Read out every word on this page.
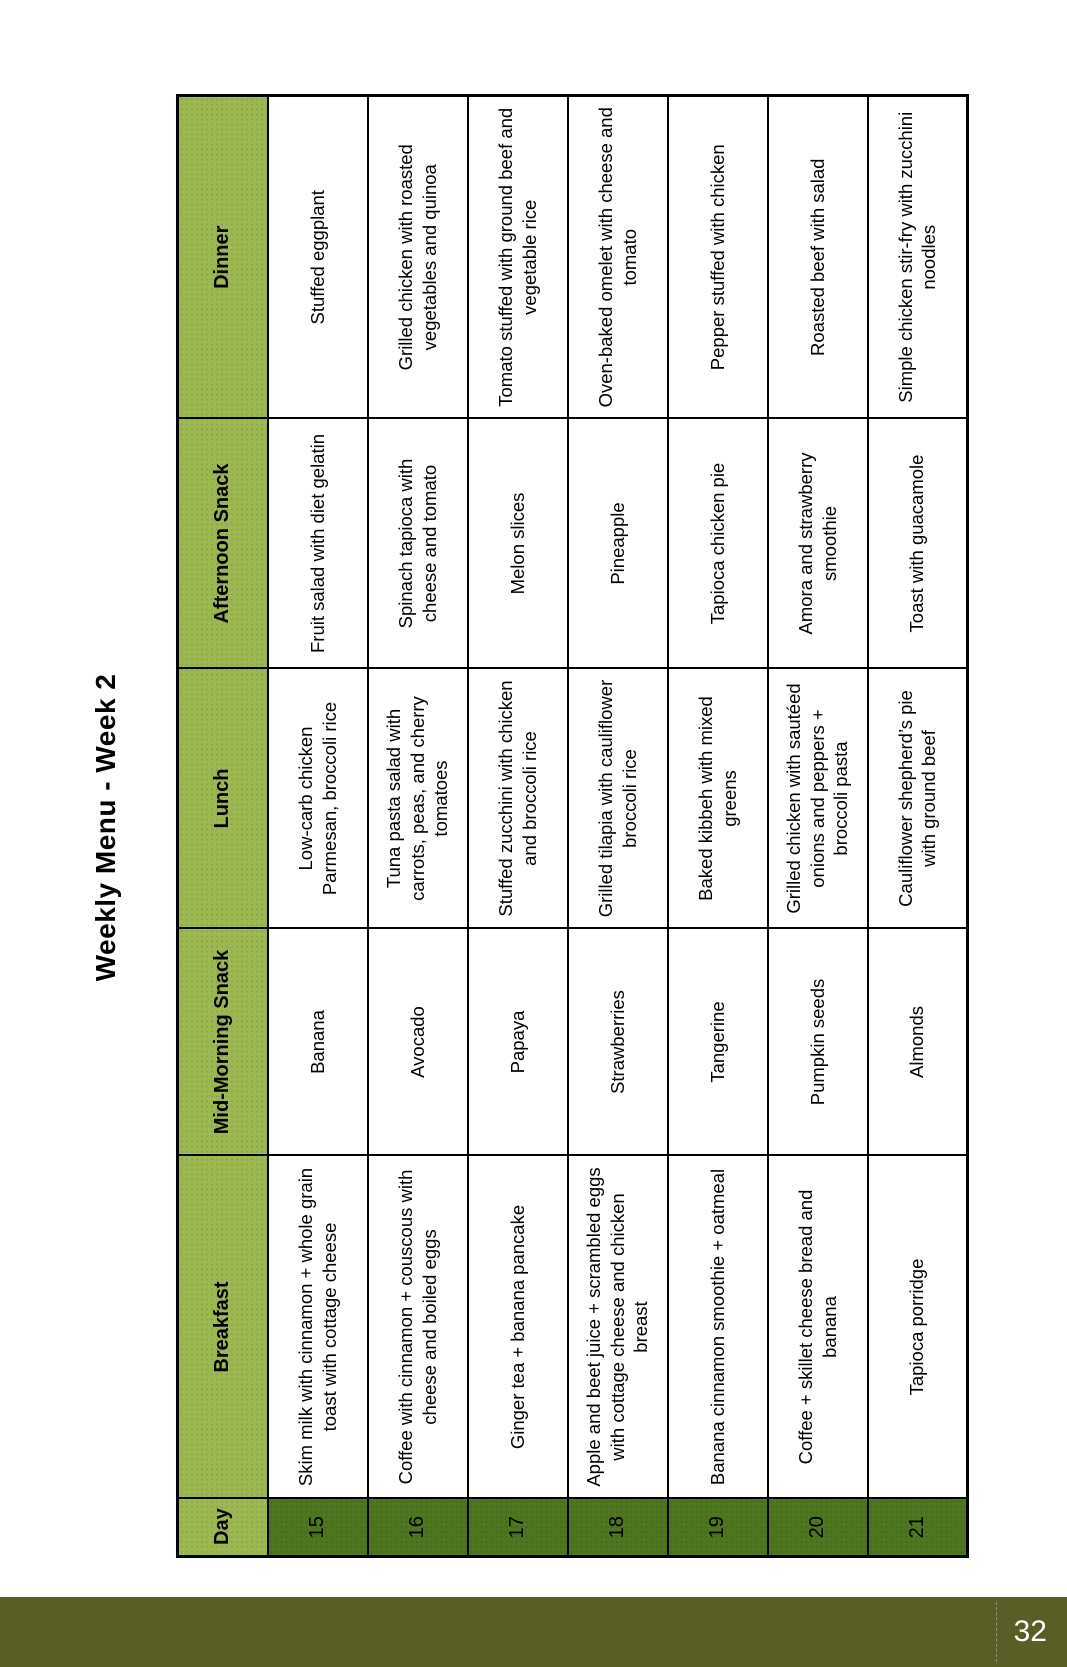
Weekly Menu - Week 2
Day	Breakfast	Mid-Morning Snack	Lunch	Afternoon Snack	Dinner
15	Skim milk with cinnamon + whole grain toast with cottage cheese	Banana	Low-carb chicken Parmesan, broccoli rice	Fruit salad with diet gelatin	Stuffed eggplant
16	Coffee with cinnamon + couscous with cheese and boiled eggs	Avocado	Tuna pasta salad with carrots, peas, and cherry tomatoes	Spinach tapioca with cheese and tomato	Grilled chicken with roasted vegetables and quinoa
17	Ginger tea + banana pancake	Papaya	Stuffed zucchini with chicken and broccoli rice	Melon slices	Tomato stuffed with ground beef and vegetable rice
18	Apple and beet juice + scrambled eggs with cottage cheese and chicken breast	Strawberries	Grilled tilapia with cauliflower broccoli rice	Pineapple	Oven-baked omelet with cheese and tomato
19	Banana cinnamon smoothie + oatmeal	Tangerine	Baked kibbeh with mixed greens	Tapioca chicken pie	Pepper stuffed with chicken
20	Coffee + skillet cheese bread and banana	Pumpkin seeds	Grilled chicken with sautéed onions and peppers + broccoli pasta	Amora and strawberry smoothie	Roasted beef with salad
21	Tapioca porridge	Almonds	Cauliflower shepherd’s pie with ground beef	Toast with guacamole	Simple chicken stir-fry with zucchini noodles
32
